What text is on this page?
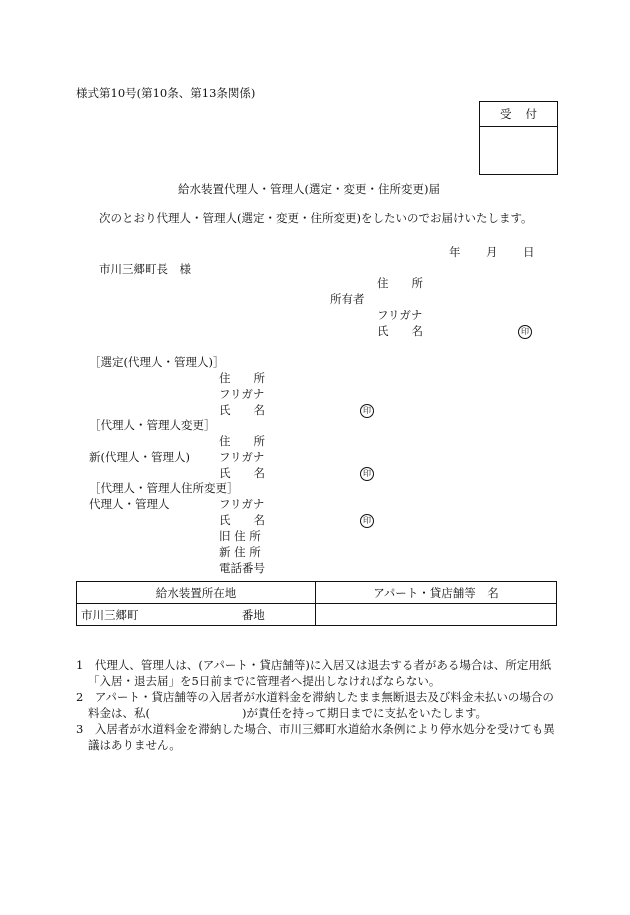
様式第10号(第10条、第13条関係)
受付
給水装置代理人・管理人(選定・変更・住所変更)届
次のとおり代理人・管理人(選定・変更・住所変更)をしたいのでお届けいたします。
年 月 日
市川三郷町長　様
住　　所
所有者
フリガナ
氏　　名	印
［選定(代理人・管理人)］
住　　所
フリガナ
氏　　名	印
［代理人・管理人変更］
住　　所
新(代理人・管理人)	フリガナ
氏　　名	印
［代理人・管理人住所変更］
代理人・管理人	フリガナ
氏　　名	印
旧 住 所
新 住 所
電話番号
給水装置所在地	アパート・貸店舗等　名
市川三郷町 番地	
1　代理人、管理人は、(アパート・貸店舗等)に入居又は退去する者がある場合は、所定用紙「入居・退去届」を5日前までに管理者へ提出しなければならない。
2　アパート・貸店舗等の入居者が水道料金を滞納したまま無断退去及び料金未払いの場合の料金は、私(　　　　　　　　)が責任を持って期日までに支払をいたします。
3　入居者が水道料金を滞納した場合、市川三郷町水道給水条例により停水処分を受けても異議はありません。
